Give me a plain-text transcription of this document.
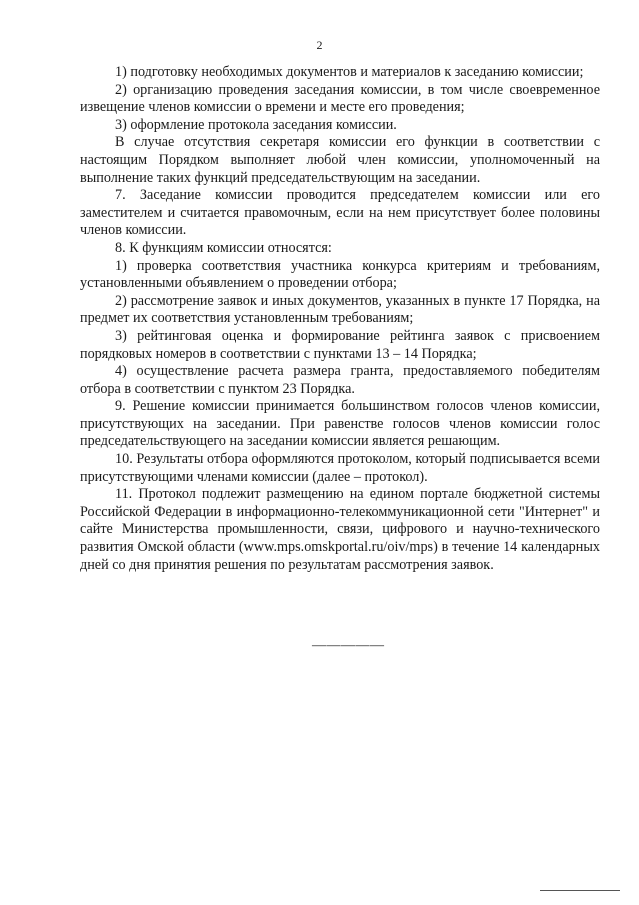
2

1) подготовку необходимых документов и материалов к заседанию комиссии;

2) организацию проведения заседания комиссии, в том числе своевременное извещение членов комиссии о времени и месте его проведения;

3) оформление протокола заседания комиссии.

В случае отсутствия секретаря комиссии его функции в соответствии с настоящим Порядком выполняет любой член комиссии, уполномоченный на выполнение таких функций председательствующим на заседании.

7. Заседание комиссии проводится председателем комиссии или его заместителем и считается правомочным, если на нем присутствует более половины членов комиссии.

8. К функциям комиссии относятся:

1) проверка соответствия участника конкурса критериям и требованиям, установленными объявлением о проведении отбора;

2) рассмотрение заявок и иных документов, указанных в пункте 17 Порядка, на предмет их соответствия установленным требованиям;

3) рейтинговая оценка и формирование рейтинга заявок с присвоением порядковых номеров в соответствии с пунктами 13 – 14 Порядка;

4) осуществление расчета размера гранта, предоставляемого победителям отбора в соответствии с пунктом 23 Порядка.

9. Решение комиссии принимается большинством голосов членов комиссии, присутствующих на заседании. При равенстве голосов членов комиссии голос председательствующего на заседании комиссии является решающим.

10. Результаты отбора оформляются протоколом, который подписывается всеми присутствующими членами комиссии (далее – протокол).

11. Протокол подлежит размещению на едином портале бюджетной системы Российской Федерации в информационно-телекоммуникационной сети "Интернет" и сайте Министерства промышленности, связи, цифрового и научно-технического развития Омской области (www.mps.omskportal.ru/oiv/mps) в течение 14 календарных дней со дня принятия решения по результатам рассмотрения заявок.

—————
